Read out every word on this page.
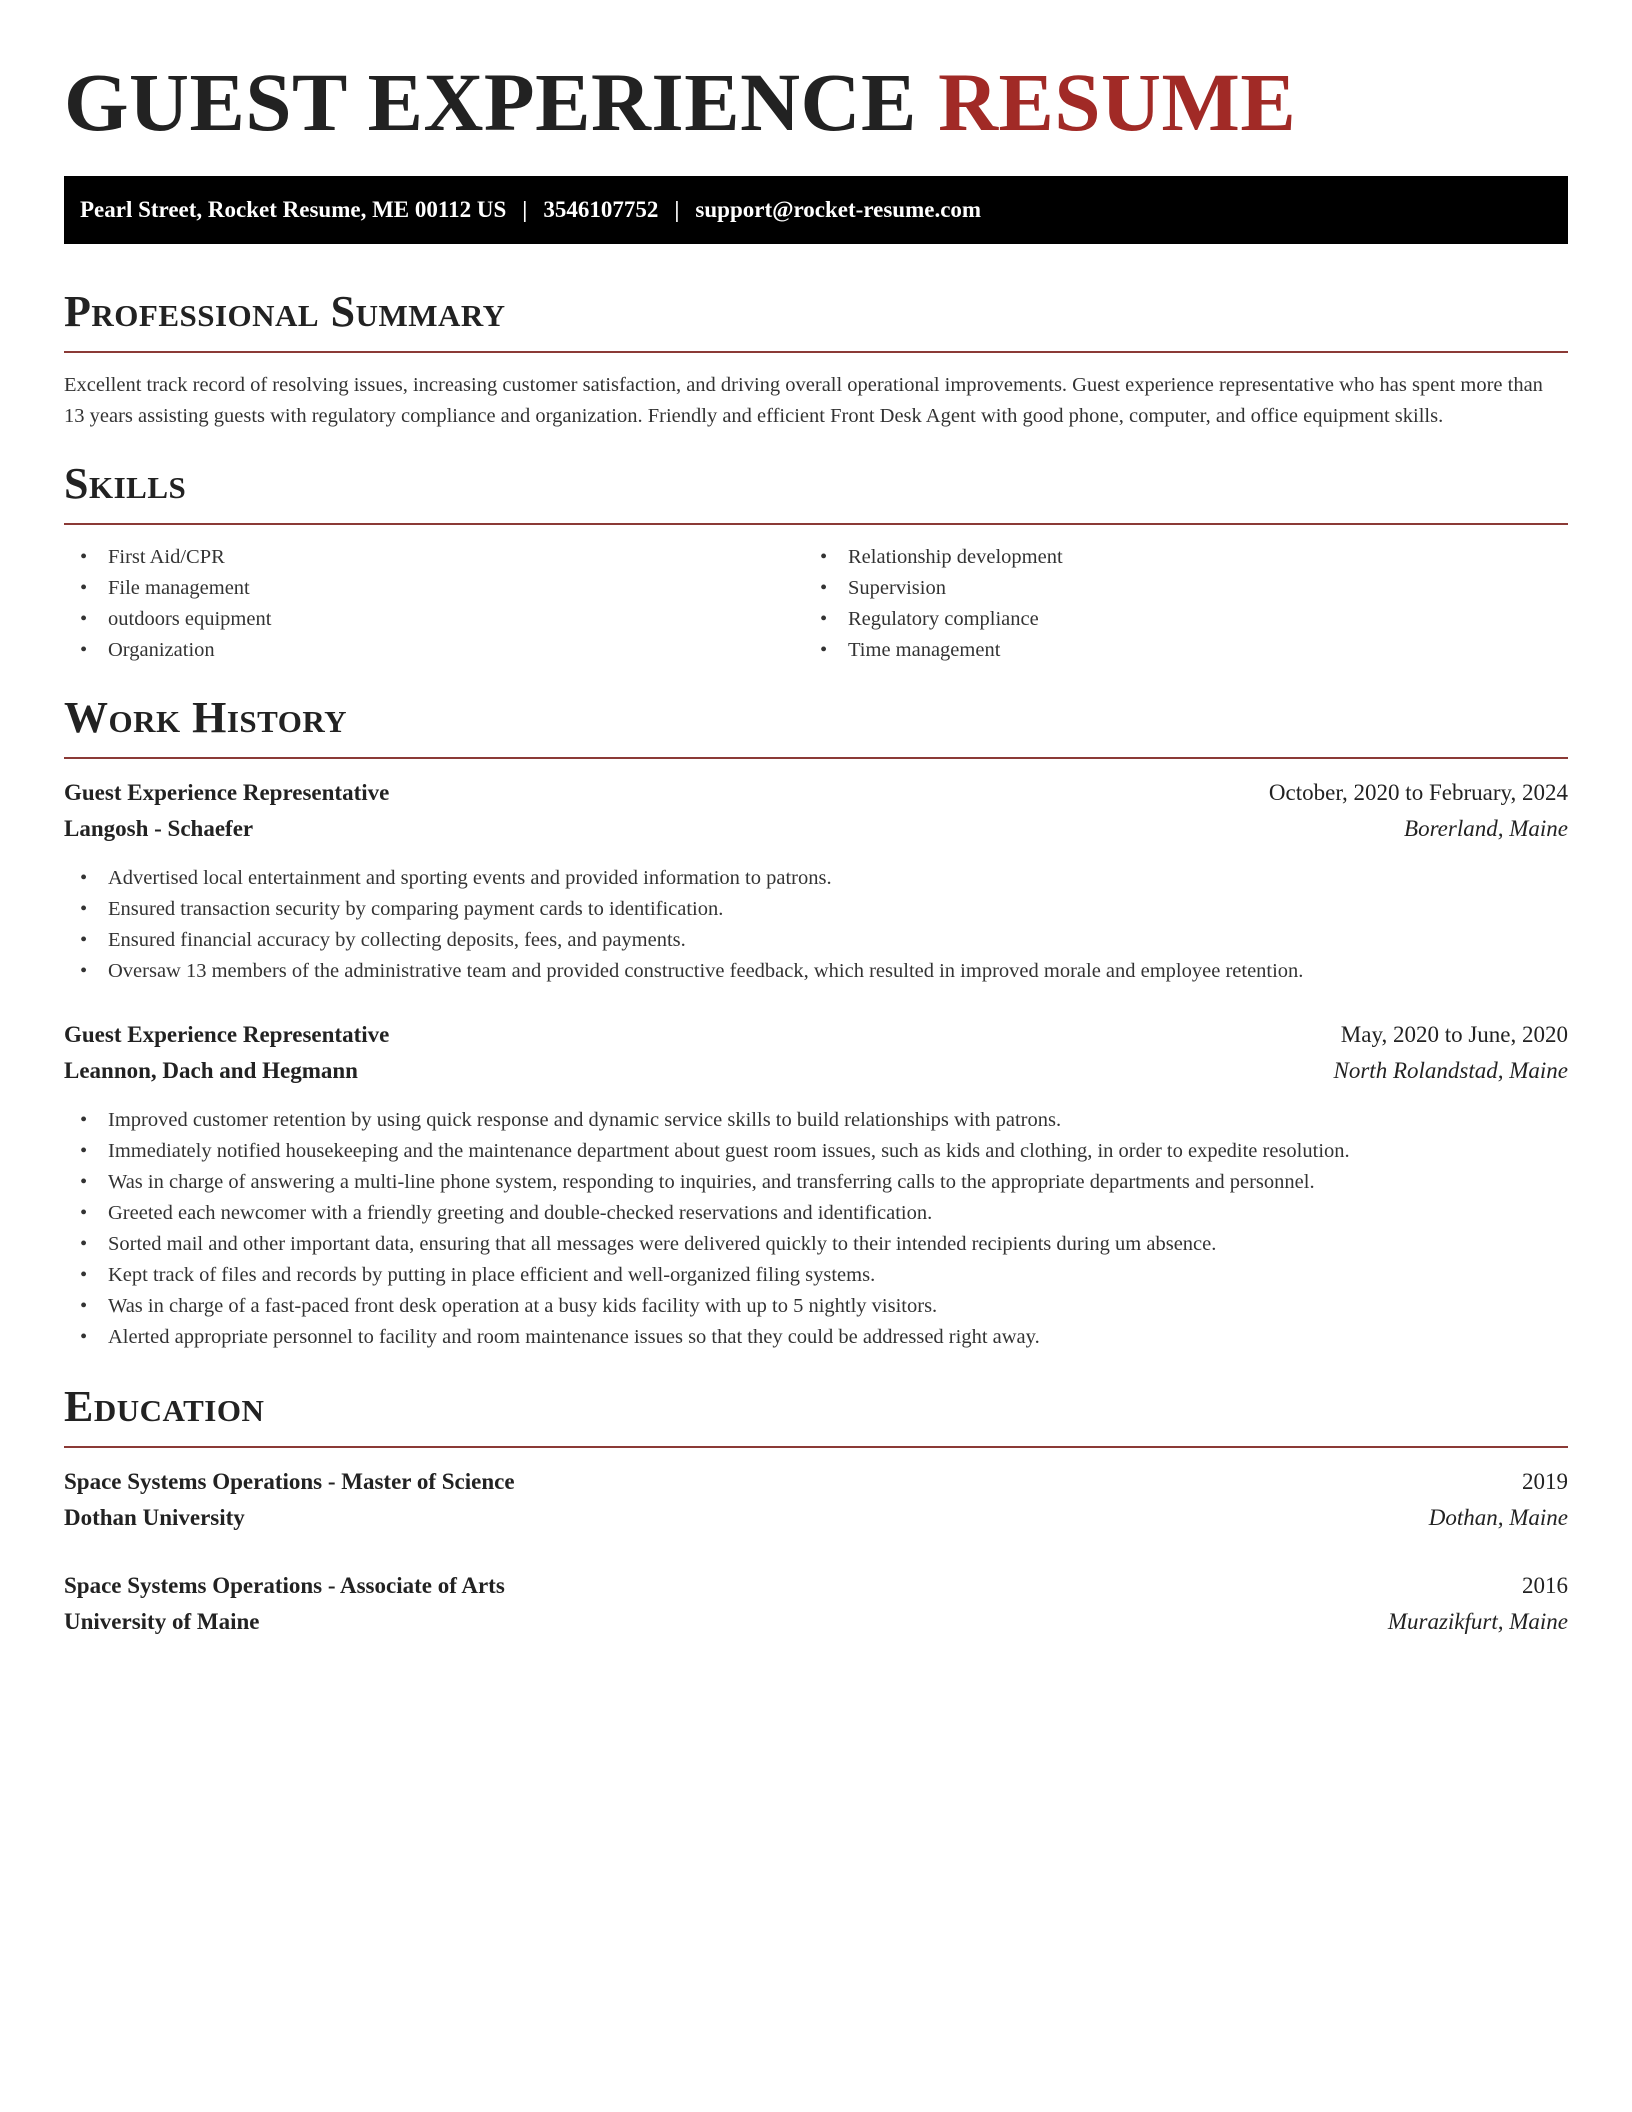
GUEST EXPERIENCE RESUME
Pearl Street, Rocket Resume, ME 00112 US | 3546107752 | support@rocket-resume.com
Professional Summary

Excellent track record of resolving issues, increasing customer satisfaction, and driving overall operational improvements. Guest experience representative who has spent more than 13 years assisting guests with regulatory compliance and organization. Friendly and efficient Front Desk Agent with good phone, computer, and office equipment skills.

Skills
• First Aid/CPR
• File management
• outdoors equipment
• Organization
• Relationship development
• Supervision
• Regulatory compliance
• Time management
Work History
Guest Experience Representative	October, 2020 to February, 2024
Langosh - Schaefer	Borerland, Maine
• Advertised local entertainment and sporting events and provided information to patrons.
• Ensured transaction security by comparing payment cards to identification.
• Ensured financial accuracy by collecting deposits, fees, and payments.
• Oversaw 13 members of the administrative team and provided constructive feedback, which resulted in improved morale and employee retention.
Guest Experience Representative	May, 2020 to June, 2020
Leannon, Dach and Hegmann	North Rolandstad, Maine
• Improved customer retention by using quick response and dynamic service skills to build relationships with patrons.
• Immediately notified housekeeping and the maintenance department about guest room issues, such as kids and clothing, in order to expedite resolution.
• Was in charge of answering a multi-line phone system, responding to inquiries, and transferring calls to the appropriate departments and personnel.
• Greeted each newcomer with a friendly greeting and double-checked reservations and identification.
• Sorted mail and other important data, ensuring that all messages were delivered quickly to their intended recipients during um absence.
• Kept track of files and records by putting in place efficient and well-organized filing systems.
• Was in charge of a fast-paced front desk operation at a busy kids facility with up to 5 nightly visitors.
• Alerted appropriate personnel to facility and room maintenance issues so that they could be addressed right away.
Education
Space Systems Operations - Master of Science	2019
Dothan University	Dothan, Maine
Space Systems Operations - Associate of Arts	2016
University of Maine	Murazikfurt, Maine
